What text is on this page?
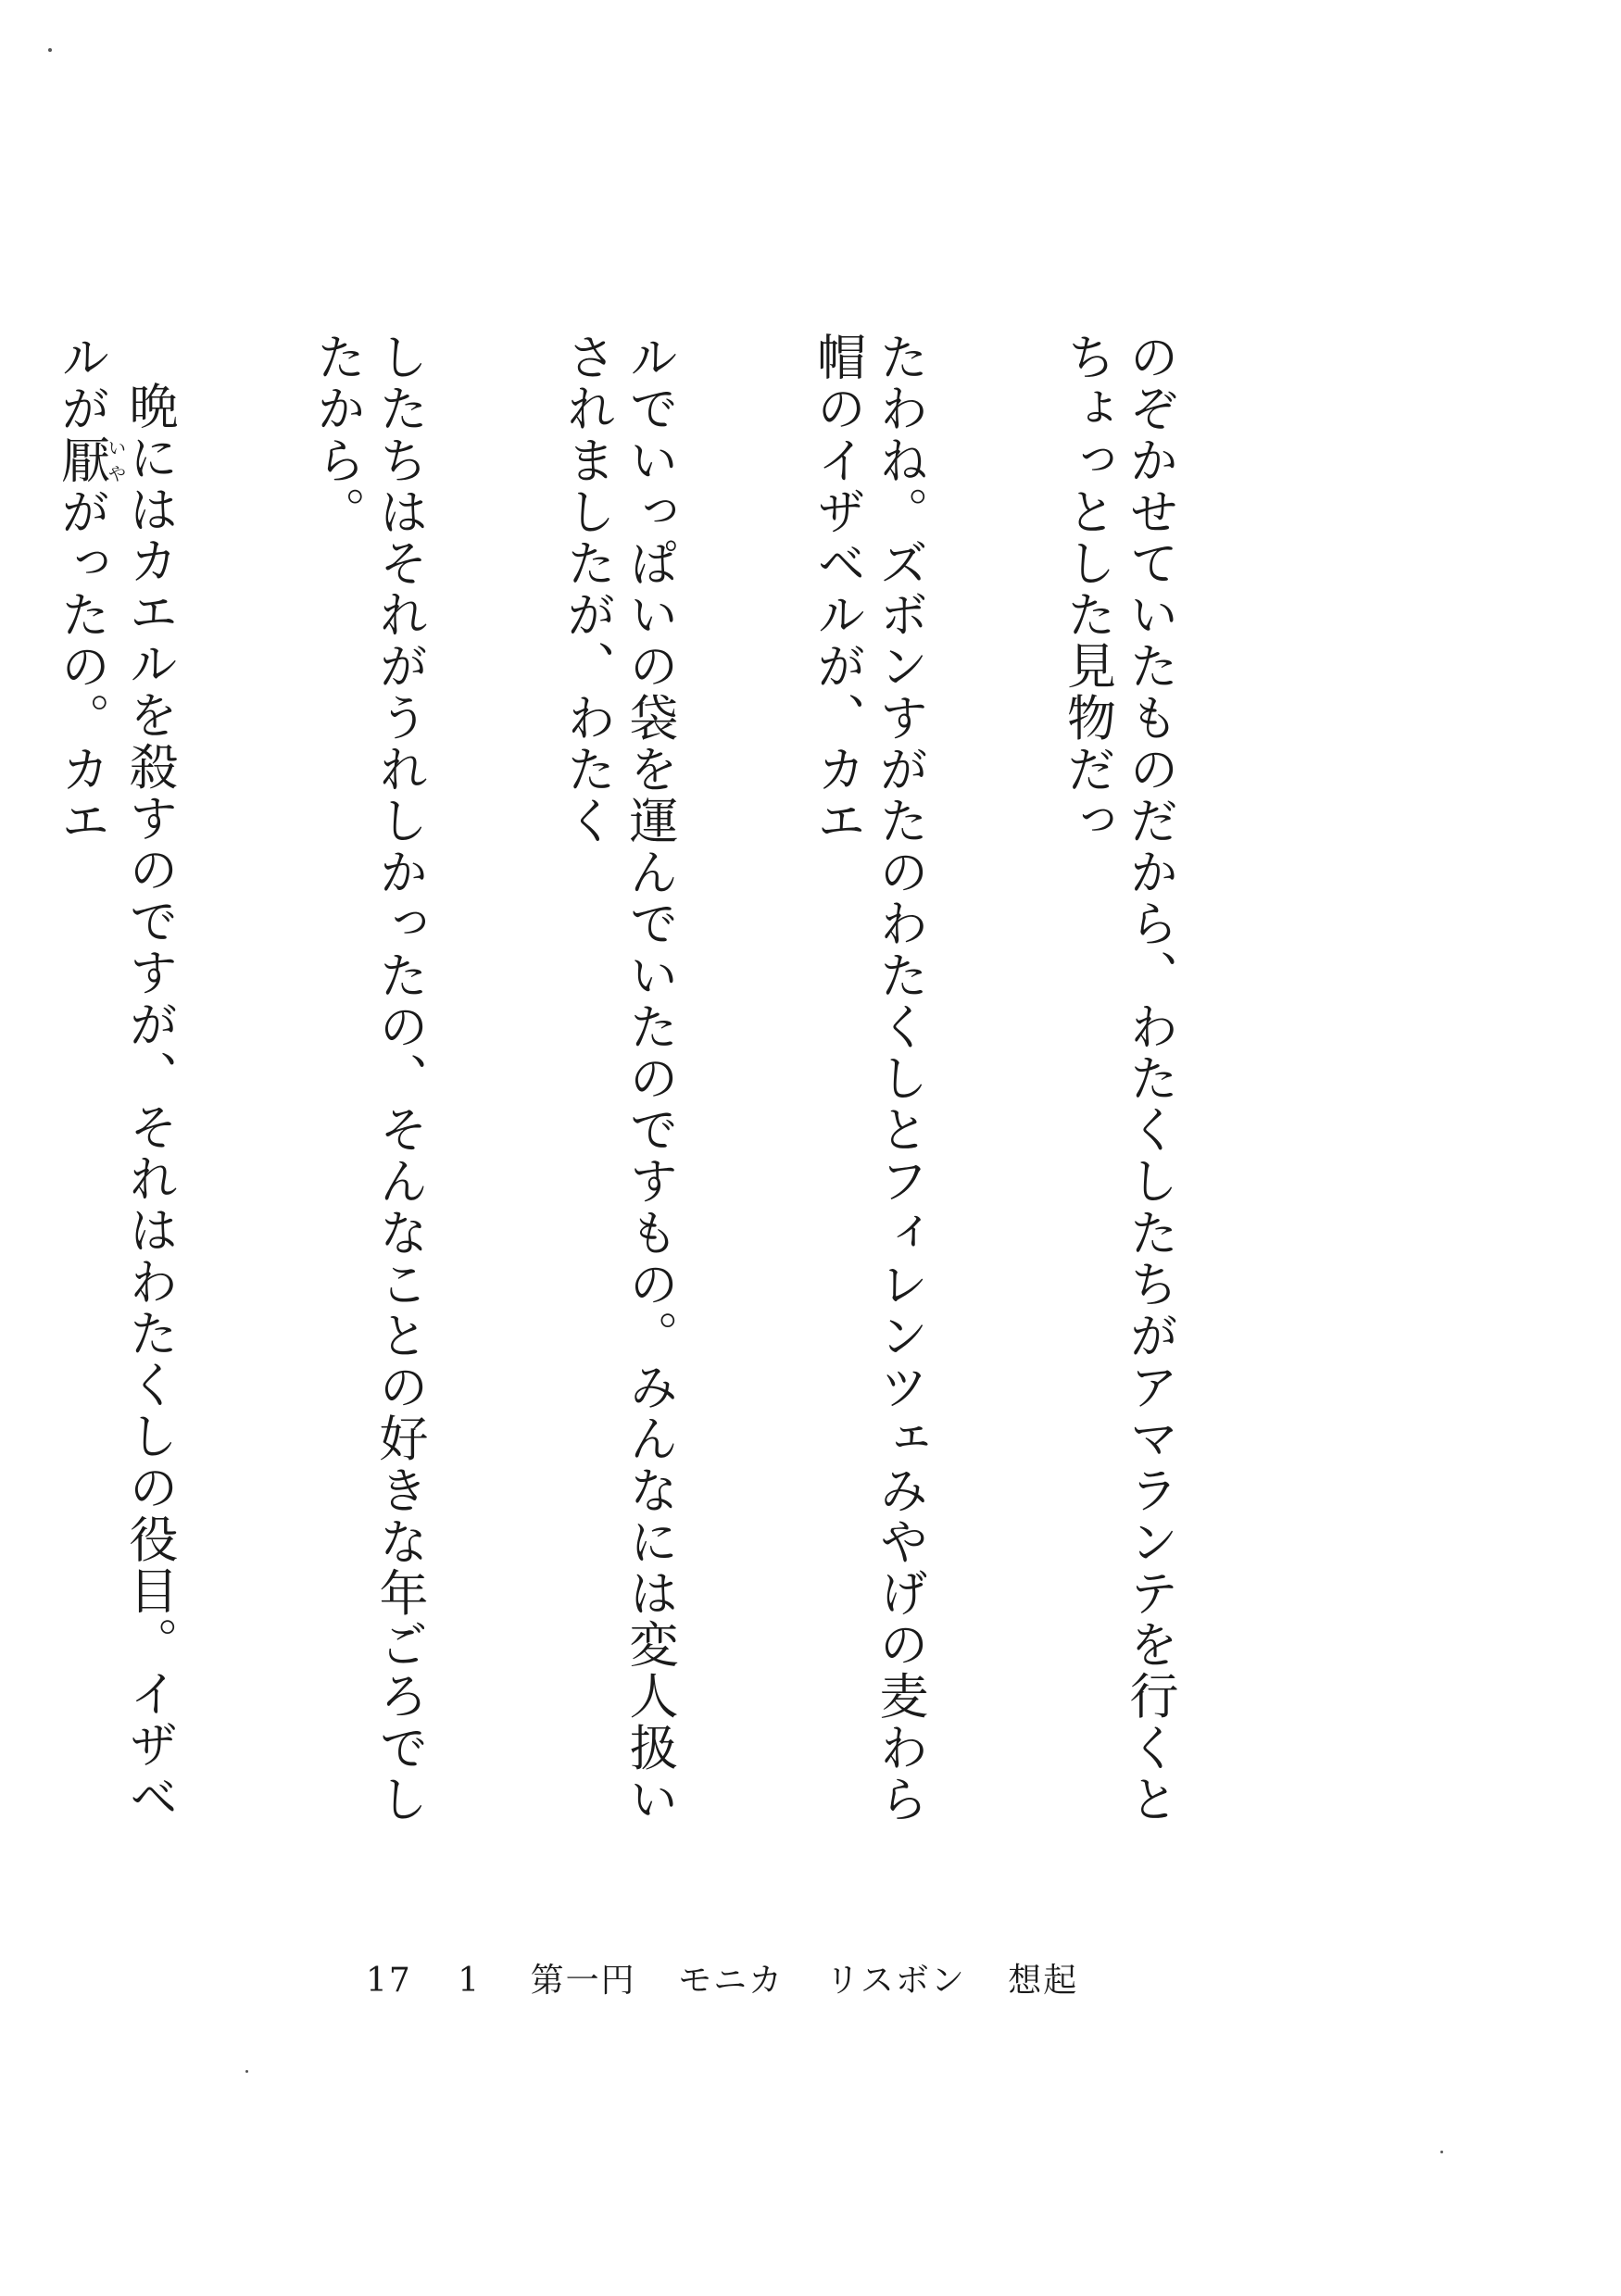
のぞかせていたものだから、わたくしたちがアマランテを行くとちょっとした見物だっ

たわね。ズボンすがたのわたくしとフィレンツェみやげの麦わら帽のイザベルが、カエ

ルでいっぱいの袋を運んでいたのですもの。みんなには変人扱いされましたが、わたく

したちはそれがうれしかったの、そんなことの好きな年ごろでしたから。

晩にはカエルを殺すのですが、それはわたくしの役目。イザベルが厭いやがったの。カエ

17 1 第一円 モニカ リスボン 想起
